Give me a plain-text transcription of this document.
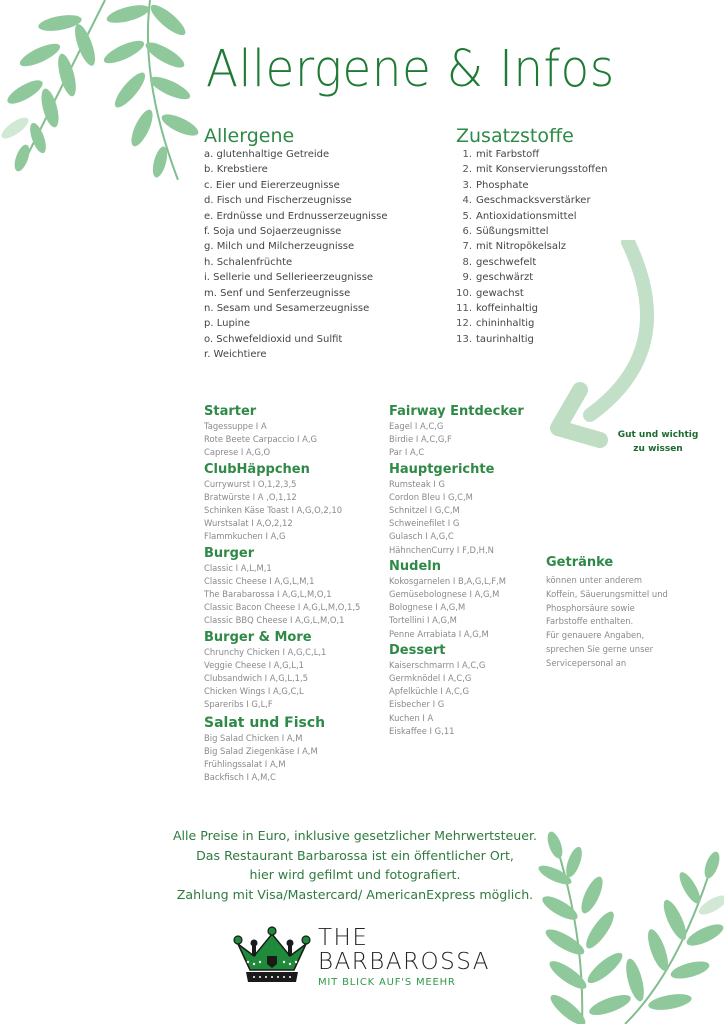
Allergene & Infos
Allergene
a. glutenhaltige Getreide
b. Krebstiere
c. Eier und Eiererzeugnisse
d. Fisch und Fischerzeugnisse
e. Erdnüsse und Erdnusserzeugnisse
f. Soja und Sojaerzeugnisse
g. Milch und Milcherzeugnisse
h. Schalenfrüchte
i. Sellerie und Sellerieerzeugnisse
m. Senf und Senferzeugnisse
n. Sesam und Sesamerzeugnisse
p. Lupine
o. Schwefeldioxid und Sulfit
r. Weichtiere
Zusatzstoffe
1. mit Farbstoff
2. mit Konservierungsstoffen
3. Phosphate
4. Geschmacksverstärker
5. Antioxidationsmittel
6. Süßungsmittel
7. mit Nitropökelsalz
8. geschwefelt
9. geschwärzt
10. gewachst
11. koffeinhaltig
12. chininhaltig
13. taurinhaltig
Gut und wichtig
zu wissen
Starter
Tagessuppe I A
Rote Beete Carpaccio I A,G
Caprese I A,G,O
ClubHäppchen
Currywurst I O,1,2,3,5
Bratwürste I A ,O,1,12
Schinken Käse Toast I A,G,O,2,10
Wurstsalat I A,O,2,12
Flammkuchen I A,G
Burger
Classic I A,L,M,1
Classic Cheese I A,G,L,M,1
The Barabarossa I A,G,L,M,O,1
Classic Bacon Cheese I A,G,L,M,O,1,5
Classic BBQ Cheese I A,G,L,M,O,1
Burger & More
Chrunchy Chicken I A,G,C,L,1
Veggie Cheese I A,G,L,1
Clubsandwich I A,G,L,1,5
Chicken Wings I A,G,C,L
Spareribs I G,L,F
Salat und Fisch
Big Salad Chicken I A,M
Big Salad Ziegenkäse I A,M
Frühlingssalat I A,M
Backfisch I A,M,C
Fairway Entdecker
Eagel I A,C,G
Birdie I A,C,G,F
Par I A,C
Hauptgerichte
Rumsteak I G
Cordon Bleu I G,C,M
Schnitzel I G,C,M
Schweinefilet I G
Gulasch I A,G,C
HähnchenCurry I F,D,H,N
Nudeln
Kokosgarnelen I B,A,G,L,F,M
Gemüsebolognese I A,G,M
Bolognese I A,G,M
Tortellini I A,G,M
Penne Arrabiata I A,G,M
Dessert
Kaiserschmarrn I A,C,G
Germknödel I A,C,G
Apfelküchle I A,C,G
Eisbecher I G
Kuchen I A
Eiskaffee I G,11
Getränke

können unter anderem

Koffein, Säuerungsmittel und

Phosphorsäure sowie

Farbstoffe enthalten.

Für genauere Angaben,

sprechen Sie gerne unser

Servicepersonal an

Alle Preise in Euro, inklusive gesetzlicher Mehrwertsteuer.

Das Restaurant Barbarossa ist ein öffentlicher Ort,

hier wird gefilmt und fotografiert.

Zahlung mit Visa/Mastercard/ AmericanExpress möglich.

THE
BARBAROSSA
MIT BLICK AUF'S MEEHR
